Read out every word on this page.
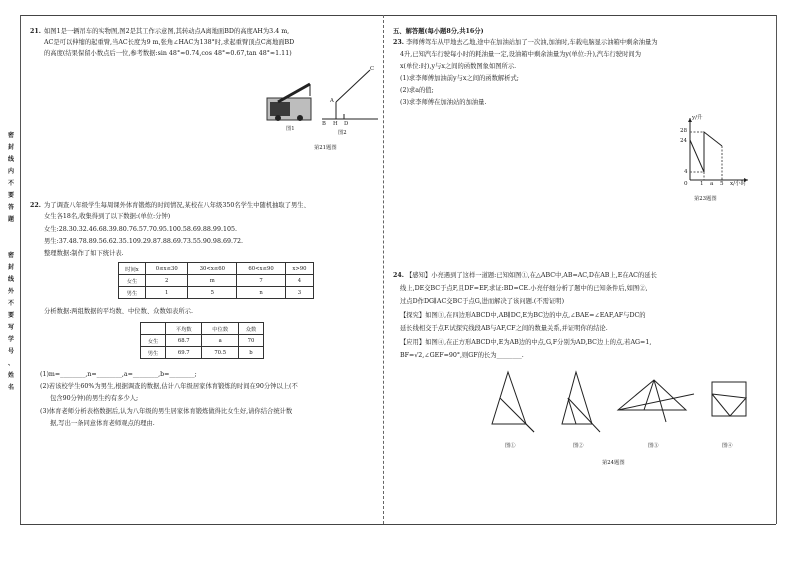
密
封
线
内
不
要
答
题
密
封
线
外
不
要
写
学
号
、
姓
名
21. 如图1是一辆吊车的实物图,图2是其工作示意图,其转动点A离地面BD的高度AH为3.4 m,
AC是可以伸缩的起重臂,当AC长度为9 m,张角∠HAC为138°时,求起重臂顶点C离地面BD
的高度(结果保留小数点后一位,参考数据:sin 48°≈0.74,cos 48°≈0.67,tan 48°≈1.11)
图1
A
C
B H D
图2
第21题图
22. 为了调查八年级学生每周课外体育锻炼的时间情况,某校在八年级350名学生中随机抽取了男生、
女生各18名,收集得到了以下数据:(单位:分钟)
女生:28.30.32.46.68.39.80.76.57.70.95.100.58.69.88.99.105.
男生:37.48.78.89.56.62.35.109.29.87.88.69.73.55.90.98.69.72.
整理数据:制作了如下统计表.
时间x	0≤x≤30	30<x≤60	60<x≤90	x>90
女生	2	m	7	4
男生	1	5	n	3
分析数据:两组数据的平均数、中位数、众数如表所示.
	平均数	中位数	众数
女生	68.7	a	70
男生	69.7	70.5	b
(1)m=________,n=________,a=________,b=________;
(2)若该校学生60%为男生,根据调查的数据,估计八年级居家体育锻炼的时间在90分钟以上(不
包含90分钟)的男生约有多少人;
(3)体育老师分析表格数据后,认为八年级的男生居家体育锻炼做得比女生好,请你结合统计数
据,写出一条同意体育老师观点的理由.
五、解答题(每小题8分,共16分)
23. 李师傅驾车从甲地去乙地,途中在加油站加了一次油,加油时,车载电脑显示油箱中剩余油量为
4升,已知汽车行驶每小时的耗油量一定,设油箱中剩余油量为y(单位:升),汽车行驶时间为
x(单位:时),y与x之间的函数图象如图所示.
(1)求李师傅加油前y与x之间的函数解析式;
(2)求a的值;
(3)求李师傅在加油站的加油量.
y/升
28
24
4
0 1 a 5 x/小时
第23题图
24. 【感知】小亮遇到了这样一道题:已知如图①,在△ABC中,AB=AC,D在AB上,E在AC的延长
线上,DE交BC于点F,且DF=EF,求证:BD=CE.小亮仔细分析了题中的已知条件后,如图②,
过点D作DG∥AC交BC于点G,进而解决了该问题.(不需证明)
【探究】如图③,在四边形ABCD中,AB∥DC,E为BC边的中点,∠BAE=∠EAF,AF与DC的
延长线相交于点F.试探究线段AB与AF,CF之间的数量关系,并证明你的结论.
【应用】如图④,在正方形ABCD中,E为AB边的中点,G,F分别为AD,BC边上的点,若AG=1,
BF=√2,∠GEF=90°,则GF的长为________.
图①	图②	图③	图④
第24题图
